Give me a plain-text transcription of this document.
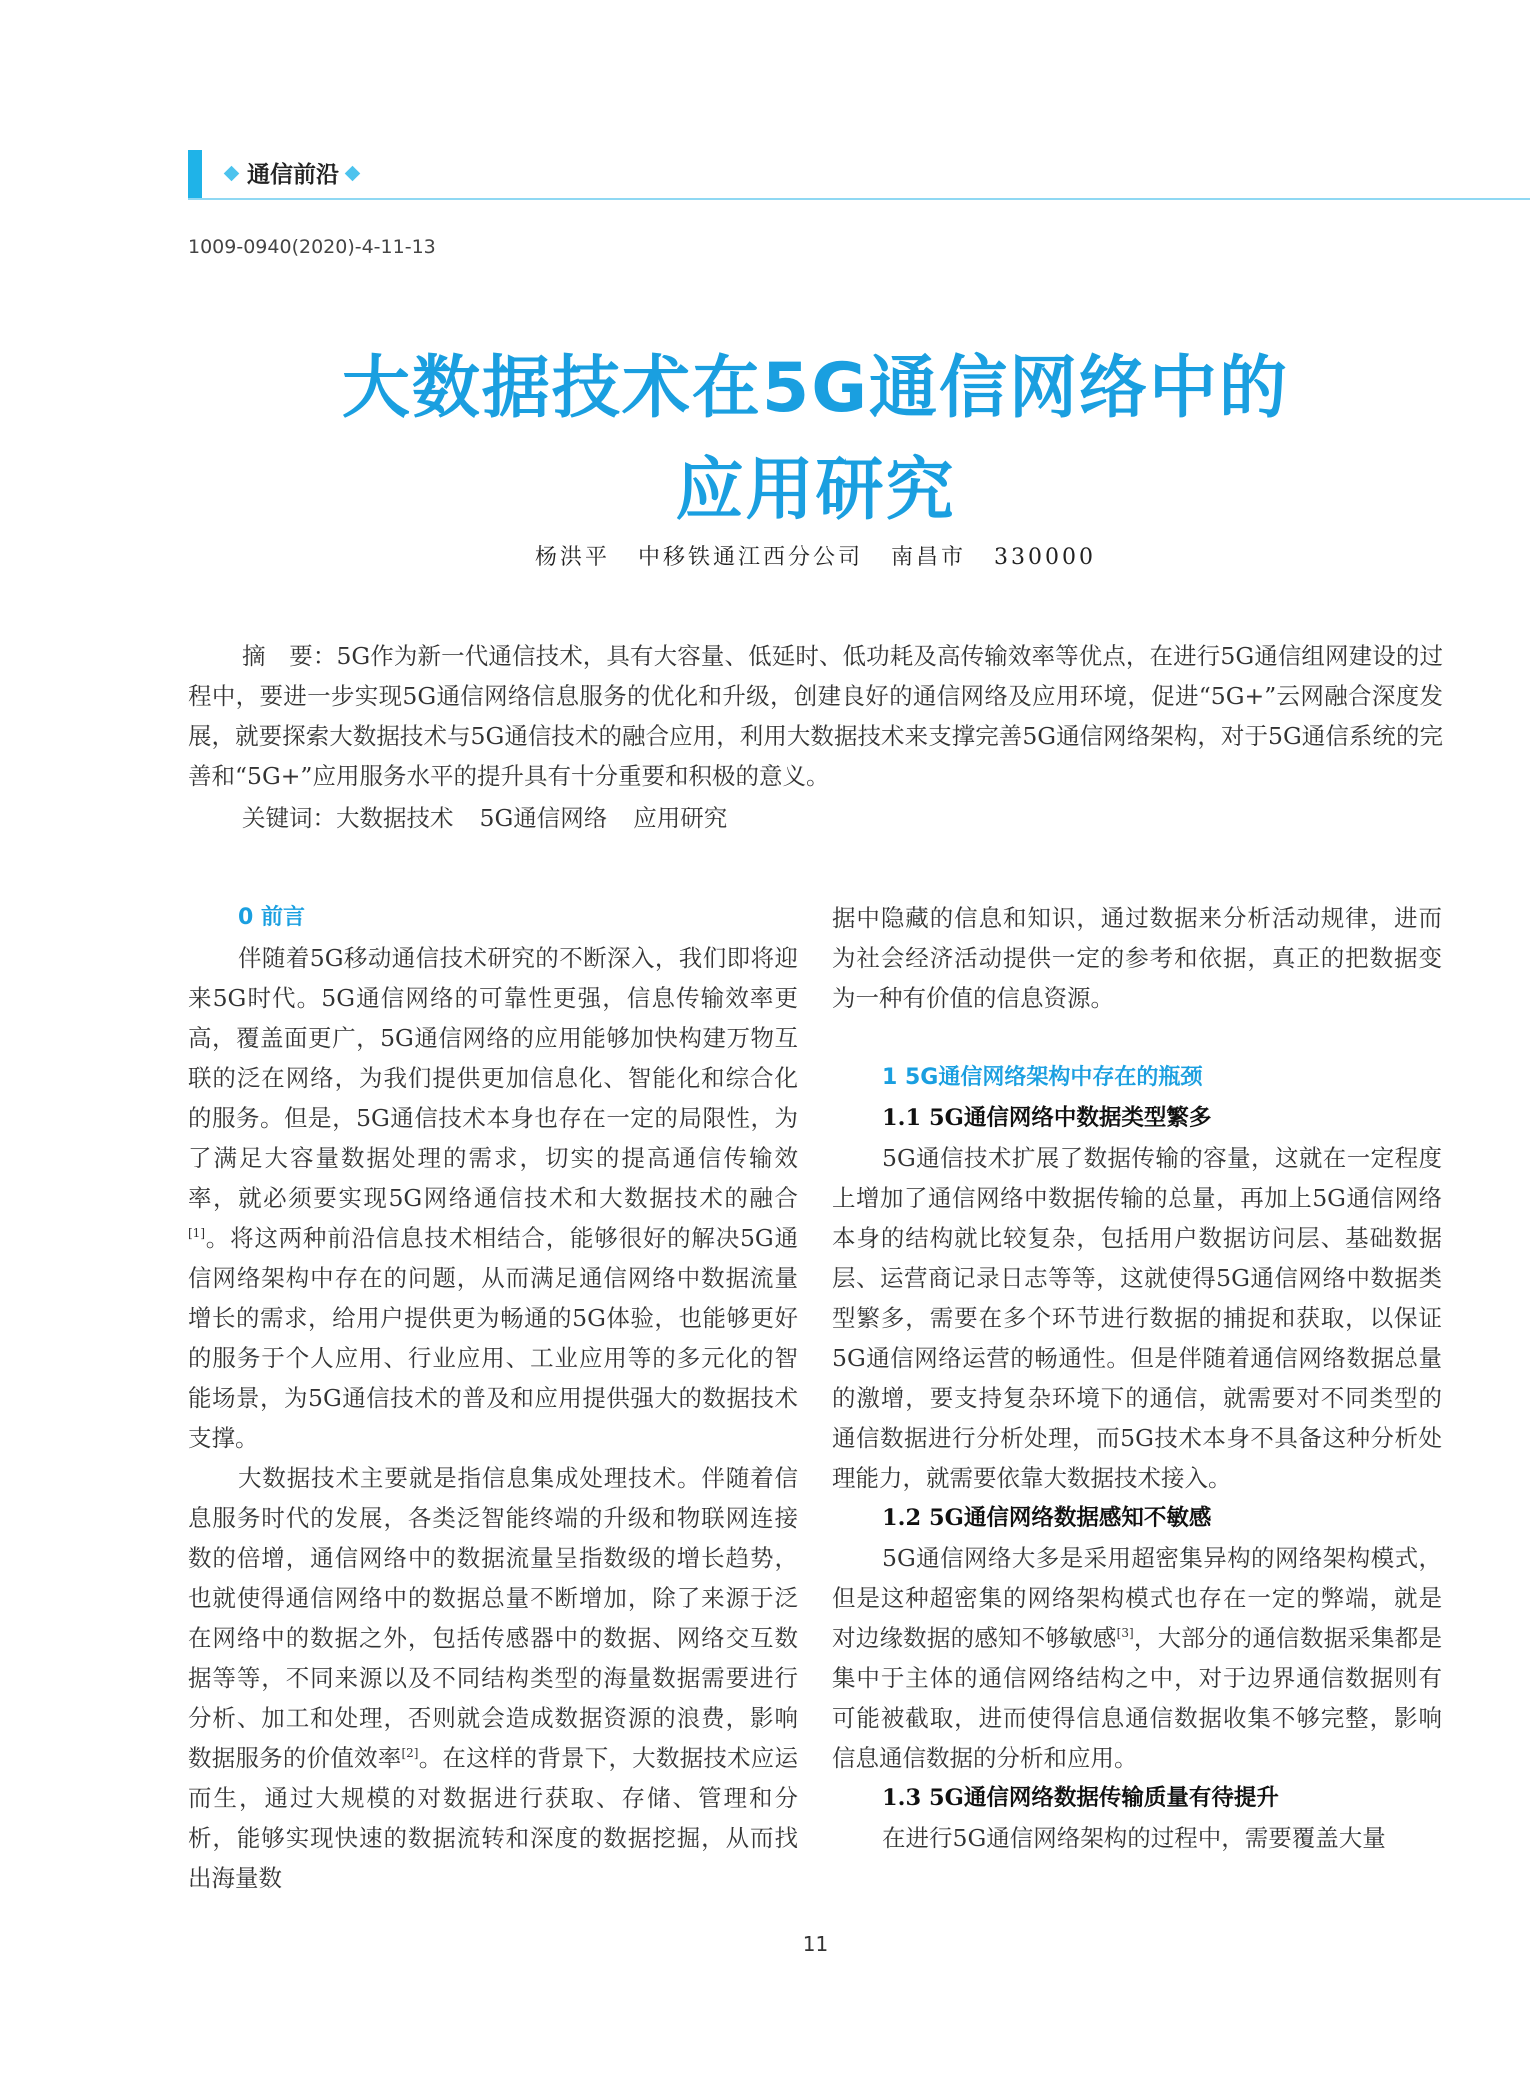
通信前沿
1009-0940(2020)-4-11-13
大数据技术在5G通信网络中的
应用研究
杨洪平 中移铁通江西分公司 南昌市 330000
摘　要：5G作为新一代通信技术，具有大容量、低延时、低功耗及高传输效率等优点，在进行5G通信组网建设的过程中，要进一步实现5G通信网络信息服务的优化和升级，创建良好的通信网络及应用环境，促进“5G+”云网融合深度发展，就要探索大数据技术与5G通信技术的融合应用，利用大数据技术来支撑完善5G通信网络架构，对于5G通信系统的完善和“5G+”应用服务水平的提升具有十分重要和积极的意义。
关键词：大数据技术 5G通信网络 应用研究
0 前言

伴随着5G移动通信技术研究的不断深入，我们即将迎来5G时代。5G通信网络的可靠性更强，信息传输效率更高，覆盖面更广，5G通信网络的应用能够加快构建万物互联的泛在网络，为我们提供更加信息化、智能化和综合化的服务。但是，5G通信技术本身也存在一定的局限性，为了满足大容量数据处理的需求，切实的提高通信传输效率，就必须要实现5G网络通信技术和大数据技术的融合[1]。将这两种前沿信息技术相结合，能够很好的解决5G通信网络架构中存在的问题，从而满足通信网络中数据流量增长的需求，给用户提供更为畅通的5G体验，也能够更好的服务于个人应用、行业应用、工业应用等的多元化的智能场景，为5G通信技术的普及和应用提供强大的数据技术支撑。

大数据技术主要就是指信息集成处理技术。伴随着信息服务时代的发展，各类泛智能终端的升级和物联网连接数的倍增，通信网络中的数据流量呈指数级的增长趋势，也就使得通信网络中的数据总量不断增加，除了来源于泛在网络中的数据之外，包括传感器中的数据、网络交互数据等等，不同来源以及不同结构类型的海量数据需要进行分析、加工和处理，否则就会造成数据资源的浪费，影响数据服务的价值效率[2]。在这样的背景下，大数据技术应运而生，通过大规模的对数据进行获取、存储、管理和分析，能够实现快速的数据流转和深度的数据挖掘，从而找出海量数

据中隐藏的信息和知识，通过数据来分析活动规律，进而为社会经济活动提供一定的参考和依据，真正的把数据变为一种有价值的信息资源。

1 5G通信网络架构中存在的瓶颈
1.1 5G通信网络中数据类型繁多

5G通信技术扩展了数据传输的容量，这就在一定程度上增加了通信网络中数据传输的总量，再加上5G通信网络本身的结构就比较复杂，包括用户数据访问层、基础数据层、运营商记录日志等等，这就使得5G通信网络中数据类型繁多，需要在多个环节进行数据的捕捉和获取，以保证5G通信网络运营的畅通性。但是伴随着通信网络数据总量的激增，要支持复杂环境下的通信，就需要对不同类型的通信数据进行分析处理，而5G技术本身不具备这种分析处理能力，就需要依靠大数据技术接入。

1.2 5G通信网络数据感知不敏感

5G通信网络大多是采用超密集异构的网络架构模式，但是这种超密集的网络架构模式也存在一定的弊端，就是对边缘数据的感知不够敏感[3]，大部分的通信数据采集都是集中于主体的通信网络结构之中，对于边界通信数据则有可能被截取，进而使得信息通信数据收集不够完整，影响信息通信数据的分析和应用。

1.3 5G通信网络数据传输质量有待提升

在进行5G通信网络架构的过程中，需要覆盖大量

11
